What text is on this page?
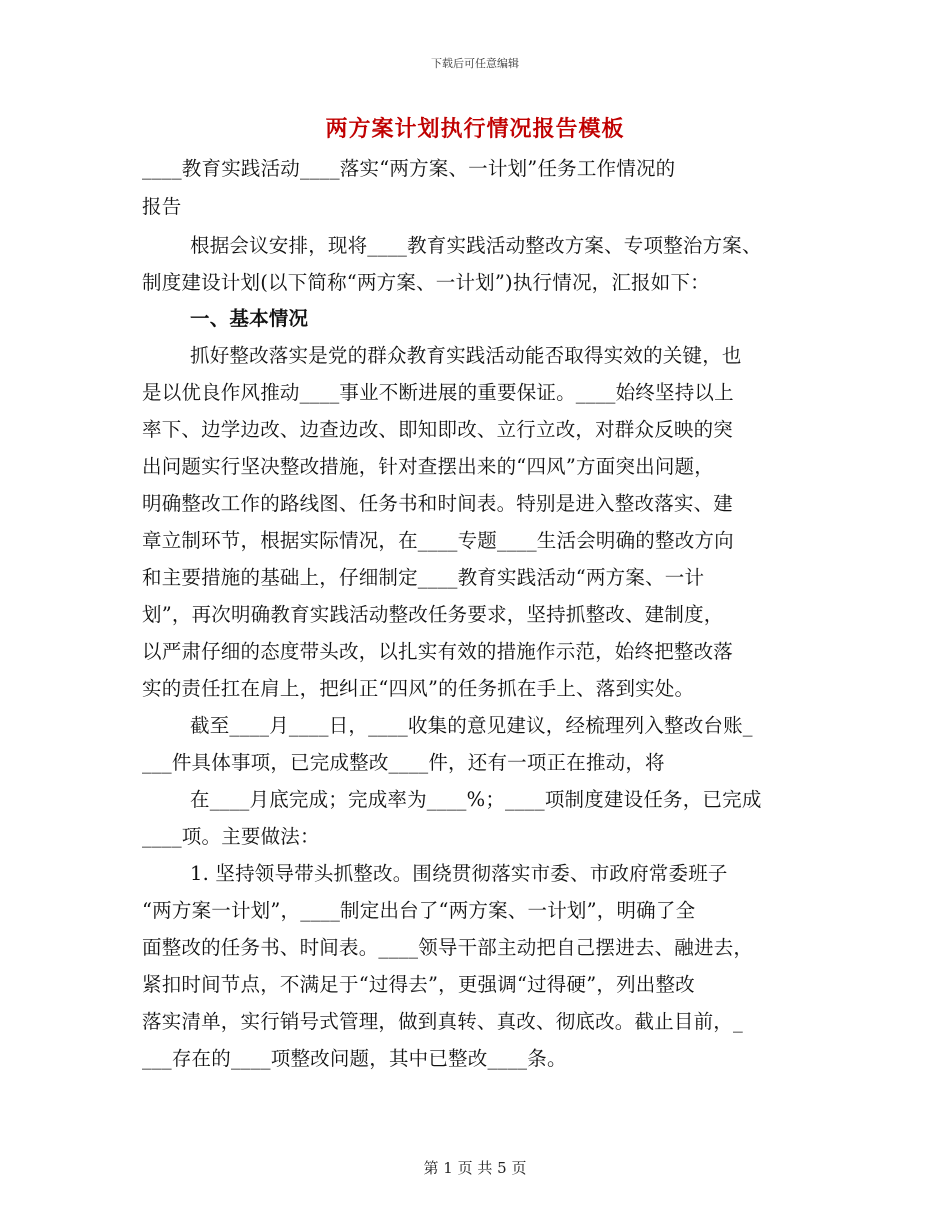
下载后可任意编辑
两方案计划执行情况报告模板
____教育实践活动____落实“两方案、一计划”任务工作情况的
报告
根据会议安排，现将____教育实践活动整改方案、专项整治方案、
制度建设计划(以下简称“两方案、一计划”)执行情况，汇报如下：
一、基本情况
抓好整改落实是党的群众教育实践活动能否取得实效的关键，也
是以优良作风推动____事业不断进展的重要保证。____始终坚持以上
率下、边学边改、边查边改、即知即改、立行立改，对群众反映的突
出问题实行坚决整改措施，针对查摆出来的“四风”方面突出问题，
明确整改工作的路线图、任务书和时间表。特别是进入整改落实、建
章立制环节，根据实际情况，在____专题____生活会明确的整改方向
和主要措施的基础上，仔细制定____教育实践活动“两方案、一计
划”，再次明确教育实践活动整改任务要求，坚持抓整改、建制度，
以严肃仔细的态度带头改，以扎实有效的措施作示范，始终把整改落
实的责任扛在肩上，把纠正“四风”的任务抓在手上、落到实处。
截至____月____日，____收集的意见建议，经梳理列入整改台账_
___件具体事项，已完成整改____件，还有一项正在推动，将
在____月底完成；完成率为____%；____项制度建设任务，已完成
____项。主要做法：
1. 坚持领导带头抓整改。围绕贯彻落实市委、市政府常委班子
“两方案一计划”，____制定出台了“两方案、一计划”，明确了全
面整改的任务书、时间表。____领导干部主动把自己摆进去、融进去，
紧扣时间节点，不满足于“过得去”，更强调“过得硬”，列出整改
落实清单，实行销号式管理，做到真转、真改、彻底改。截止目前，_
___存在的____项整改问题，其中已整改____条。
第 1 页 共 5 页
